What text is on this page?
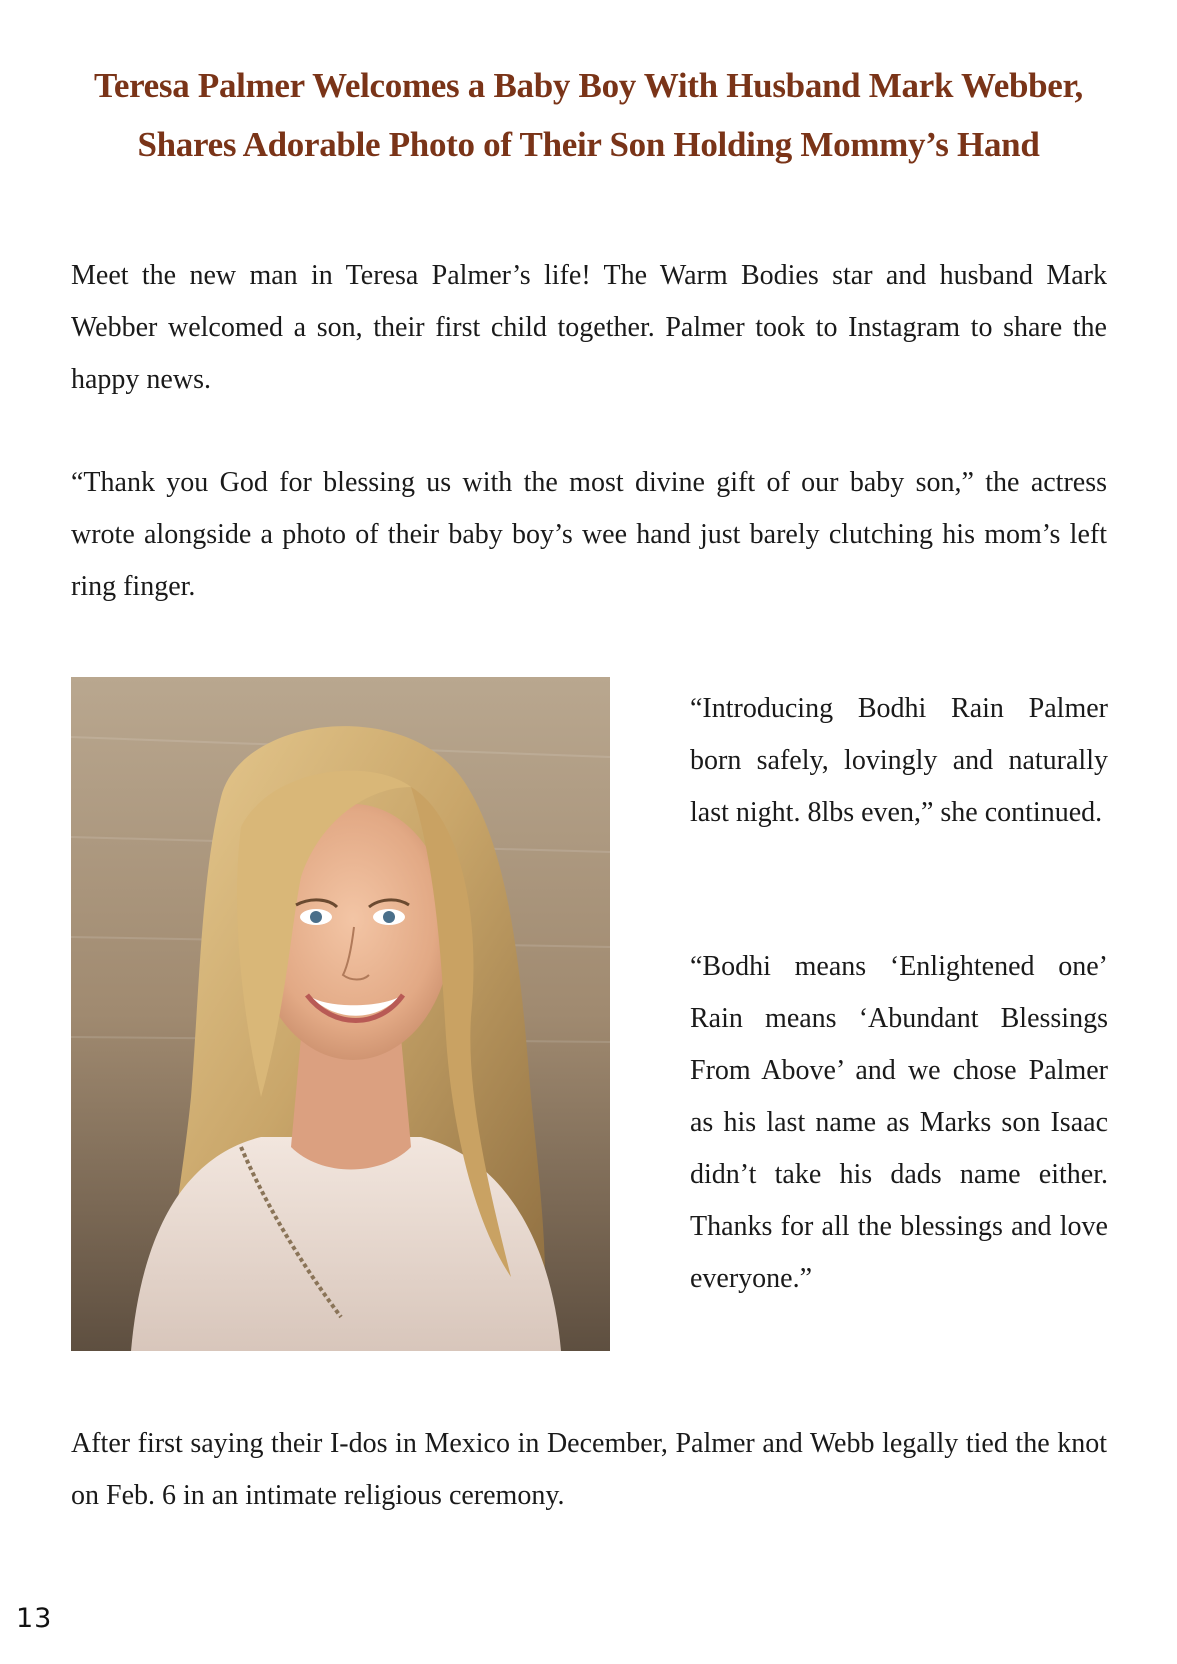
Teresa Palmer Welcomes a Baby Boy With Husband Mark Webber,
Shares Adorable Photo of Their Son Holding Mommy’s Hand

Meet the new man in Teresa Palmer’s life! The Warm Bodies star and husband Mark Webber welcomed a son, their first child together. Palmer took to Instagram to share the happy news.

“Thank you God for blessing us with the most divine gift of our baby son,” the actress wrote alongside a photo of their baby boy’s wee hand just barely clutching his mom’s left ring finger.

“Introducing Bodhi Rain Palmer born safely, lovingly and naturally last night. 8lbs even,” she continued.

“Bodhi means ‘Enlightened one’ Rain means ‘Abundant Blessings From Above’ and we chose Palmer as his last name as Marks son Isaac didn’t take his dads name either. Thanks for all the blessings and love everyone.”

After first saying their I-dos in Mexico in December, Palmer and Webb legally tied the knot on Feb. 6 in an intimate religious ceremony.

13
